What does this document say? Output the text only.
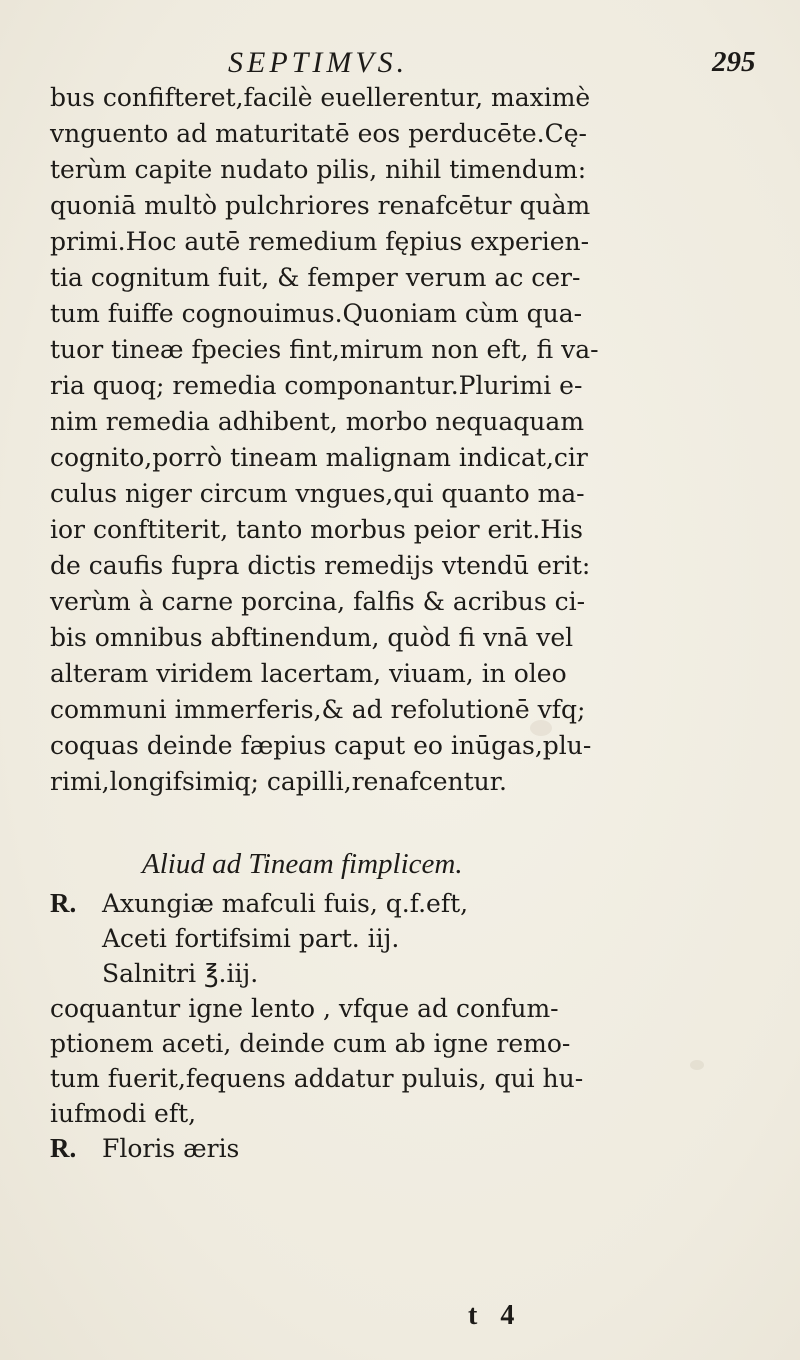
SEPTIMVS.	295
bus confifteret,facilè euellerentur, maximè
vnguento ad maturitatē eos perducēte.Cę-
terùm capite nudato pilis, nihil timendum:
quoniā multò pulchriores renafcētur quàm
primi.Hoc autē remedium fępius experien-
tia cognitum fuit, & femper verum ac cer-
tum fuiffe cognouimus.Quoniam cùm qua-
tuor tineæ fpecies fint,mirum non eft, fi va-
ria quoq; remedia componantur.Plurimi e-
nim remedia adhibent, morbo nequaquam
cognito,porrò tineam malignam indicat,cir
culus niger circum vngues,qui quanto ma-
ior conftiterit, tanto morbus peior erit.His
de caufis fupra dictis remedijs vtendū erit:
verùm à carne porcina, falfis & acribus ci-
bis omnibus abftinendum, quòd fi vnā vel
alteram viridem lacertam, viuam, in oleo
communi immerferis,& ad refolutionē vfq;
coquas deinde fæpius caput eo inūgas,plu-
rimi,longifsimiq; capilli,renafcentur.
Aliud ad Tineam fimplicem.
R. Axungiæ mafculi fuis, q.f.eft,
Aceti fortifsimi part. iij.
Salnitri ℥.iij.
coquantur igne lento , vfque ad confum-
ptionem aceti, deinde cum ab igne remo-
tum fuerit,fequens addatur puluis, qui hu-
iufmodi eft,
R. Floris æris
t 4
